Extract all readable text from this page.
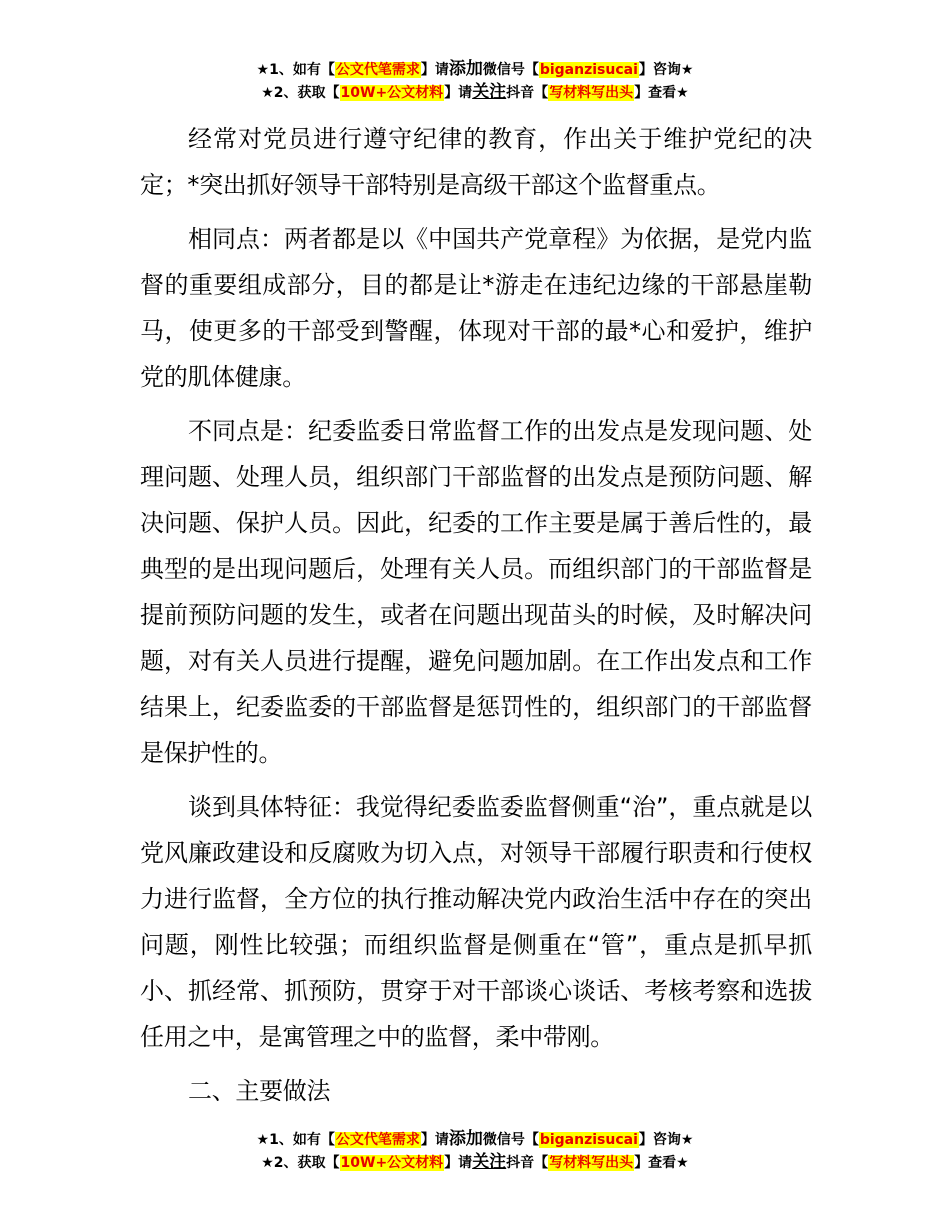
★1、如有【公文代笔需求】请添加微信号【biganzisucai】咨询★
★2、获取【10W+公文材料】请关注抖音【写材料写出头】查看★

经常对党员进行遵守纪律的教育，作出关于维护党纪的决定；*突出抓好领导干部特别是高级干部这个监督重点。

相同点：两者都是以《中国共产党章程》为依据，是党内监督的重要组成部分，目的都是让*游走在违纪边缘的干部悬崖勒马，使更多的干部受到警醒，体现对干部的最*心和爱护，维护党的肌体健康。

不同点是：纪委监委日常监督工作的出发点是发现问题、处理问题、处理人员，组织部门干部监督的出发点是预防问题、解决问题、保护人员。因此，纪委的工作主要是属于善后性的，最典型的是出现问题后，处理有关人员。而组织部门的干部监督是提前预防问题的发生，或者在问题出现苗头的时候，及时解决问题，对有关人员进行提醒，避免问题加剧。在工作出发点和工作结果上，纪委监委的干部监督是惩罚性的，组织部门的干部监督是保护性的。

谈到具体特征：我觉得纪委监委监督侧重“治”，重点就是以党风廉政建设和反腐败为切入点，对领导干部履行职责和行使权力进行监督，全方位的执行推动解决党内政治生活中存在的突出问题，刚性比较强；而组织监督是侧重在“管”，重点是抓早抓小、抓经常、抓预防，贯穿于对干部谈心谈话、考核考察和选拔任用之中，是寓管理之中的监督，柔中带刚。

二、主要做法

★1、如有【公文代笔需求】请添加微信号【biganzisucai】咨询★
★2、获取【10W+公文材料】请关注抖音【写材料写出头】查看★
